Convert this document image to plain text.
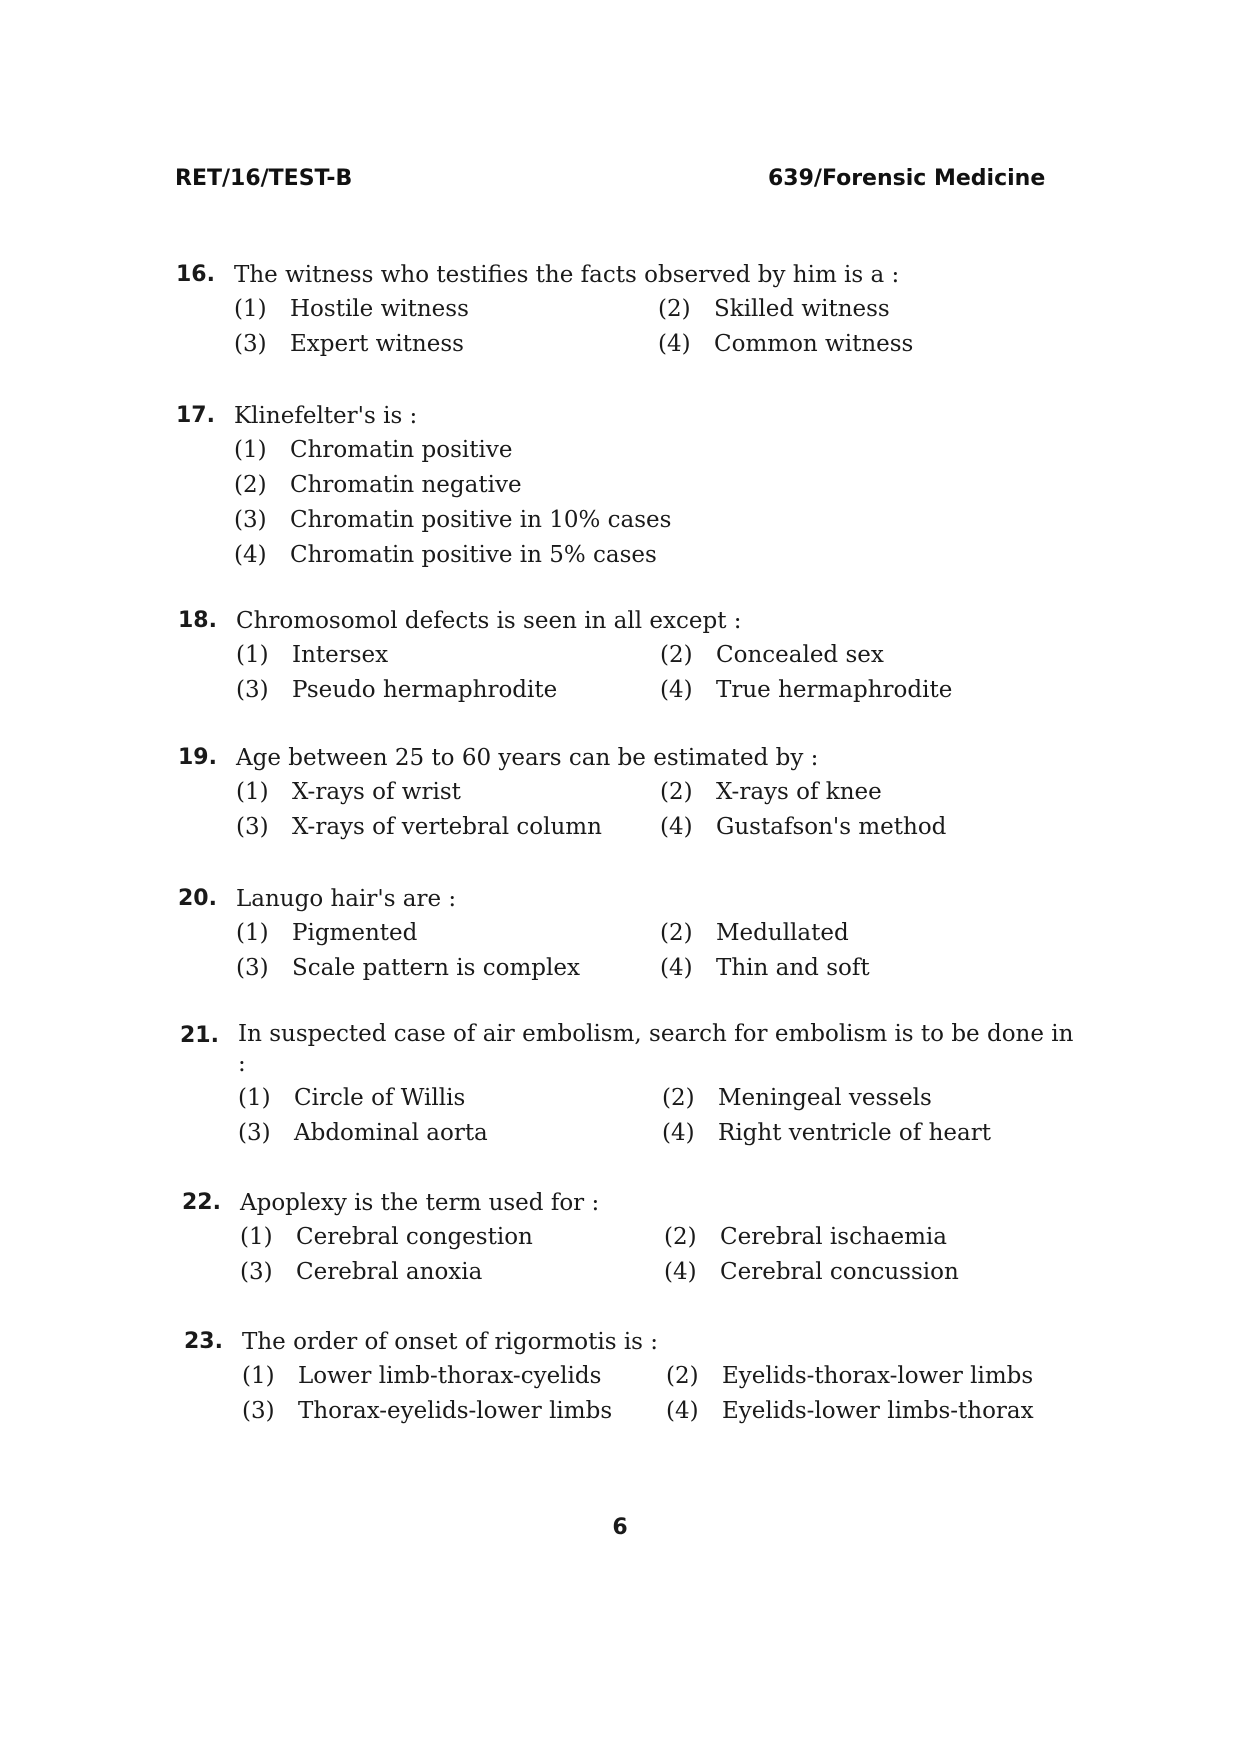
RET/16/TEST-B	639/Forensic Medicine
16. The witness who testifies the facts observed by him is a :
(1) Hostile witness	(2) Skilled witness
(3) Expert witness	(4) Common witness
17. Klinefelter's is :
(1) Chromatin positive
(2) Chromatin negative
(3) Chromatin positive in 10% cases
(4) Chromatin positive in 5% cases
18. Chromosomol defects is seen in all except :
(1) Intersex	(2) Concealed sex
(3) Pseudo hermaphrodite	(4) True hermaphrodite
19. Age between 25 to 60 years can be estimated by :
(1) X-rays of wrist	(2) X-rays of knee
(3) X-rays of vertebral column	(4) Gustafson's method
20. Lanugo hair's are :
(1) Pigmented	(2) Medullated
(3) Scale pattern is complex	(4) Thin and soft
21. In suspected case of air embolism, search for embolism is to be done in :
(1) Circle of Willis	(2) Meningeal vessels
(3) Abdominal aorta	(4) Right ventricle of heart
22. Apoplexy is the term used for :
(1) Cerebral congestion	(2) Cerebral ischaemia
(3) Cerebral anoxia	(4) Cerebral concussion
23. The order of onset of rigormotis is :
(1) Lower limb-thorax-cyelids	(2) Eyelids-thorax-lower limbs
(3) Thorax-eyelids-lower limbs (4) Eyelids-lower limbs-thorax
6
